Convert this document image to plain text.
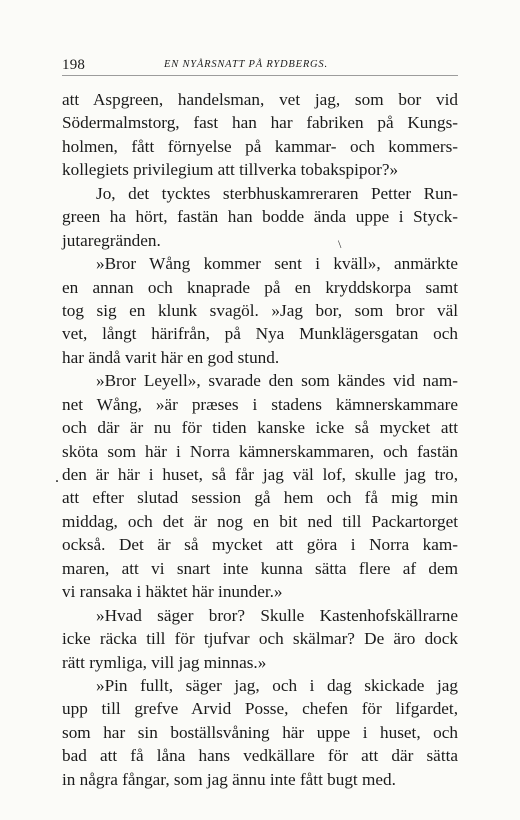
198	EN NYÅRSNATT PÅ RYDBERGS.
att Aspgreen, handelsman, vet jag, som bor vid
Södermalmstorg, fast han har fabriken på Kungs-
holmen, fått förnyelse på kammar- och kommers-
kollegiets privilegium att tillverka tobakspipor?»
Jo, det tycktes sterbhuskamreraren Petter Run-
green ha hört, fastän han bodde ända uppe i Styck-
jutaregränden.
»Bror Wång kommer sent i kväll», anmärkte
en annan och knaprade på en kryddskorpa samt
tog sig en klunk svagöl. »Jag bor, som bror väl
vet, långt härifrån, på Nya Munklägersgatan och
har ändå varit här en god stund.
»Bror Leyell», svarade den som kändes vid nam-
net Wång, »är præses i stadens kämnerskammare
och där är nu för tiden kanske icke så mycket att
sköta som här i Norra kämnerskammaren, och fastän
den är här i huset, så får jag väl lof, skulle jag tro,
att efter slutad session gå hem och få mig min
middag, och det är nog en bit ned till Packartorget
också. Det är så mycket att göra i Norra kam-
maren, att vi snart inte kunna sätta flere af dem
vi ransaka i häktet här inunder.»
»Hvad säger bror? Skulle Kastenhofskällrarne
icke räcka till för tjufvar och skälmar? De äro dock
rätt rymliga, vill jag minnas.»
»Pin fullt, säger jag, och i dag skickade jag
upp till grefve Arvid Posse, chefen för lifgardet,
som har sin boställsvåning här uppe i huset, och
bad att få låna hans vedkällare för att där sätta
in några fångar, som jag ännu inte fått bugt med.
\
.
